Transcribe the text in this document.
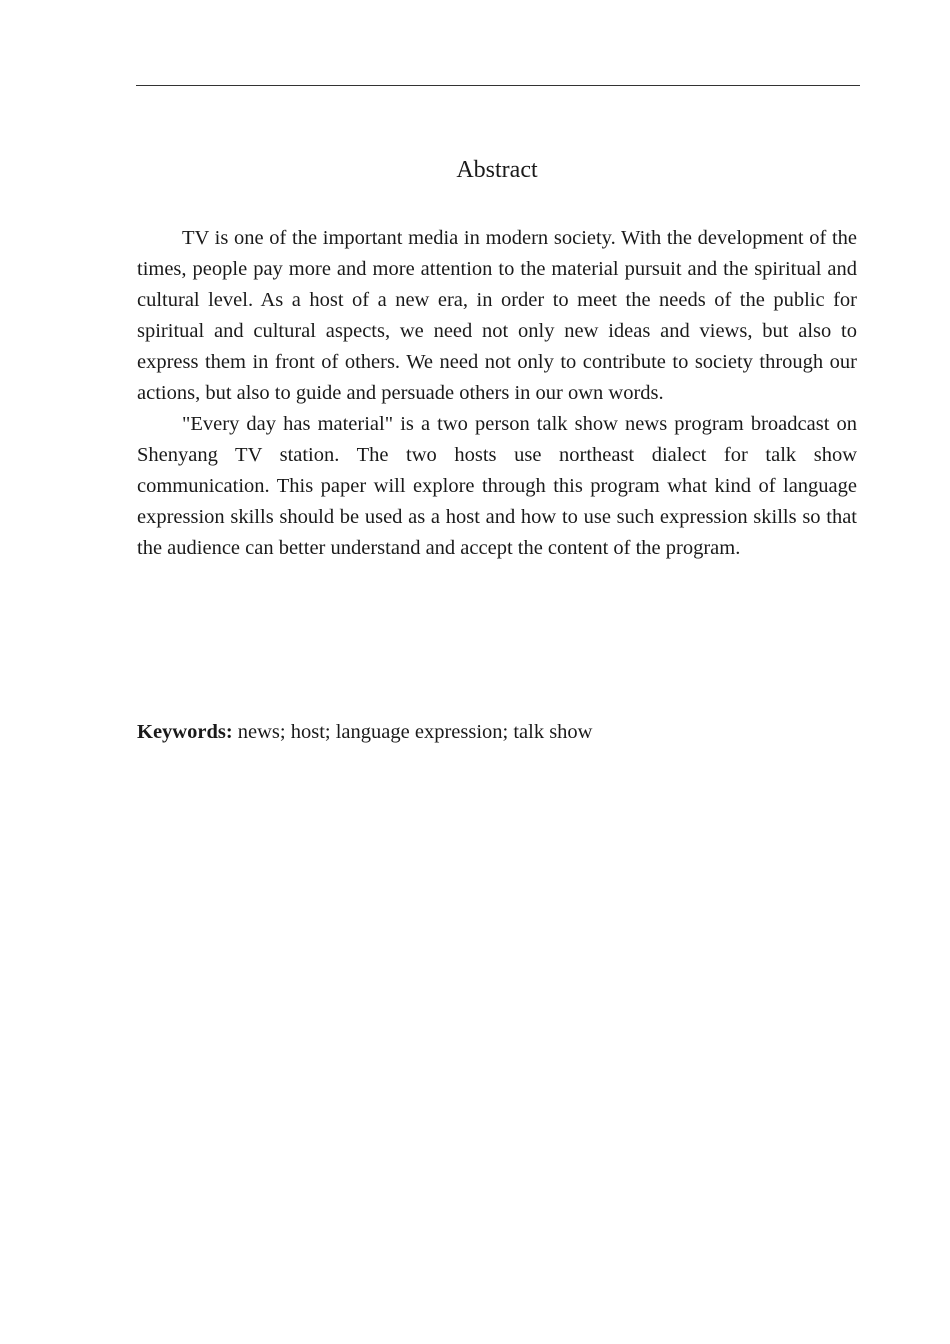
Abstract

TV is one of the important media in modern society. With the development of the times, people pay more and more attention to the material pursuit and the spiritual and cultural level. As a host of a new era, in order to meet the needs of the public for spiritual and cultural aspects, we need not only new ideas and views, but also to express them in front of others. We need not only to contribute to society through our actions, but also to guide and persuade others in our own words.

"Every day has material" is a two person talk show news program broadcast on Shenyang TV station. The two hosts use northeast dialect for talk show communication. This paper will explore through this program what kind of language expression skills should be used as a host and how to use such expression skills so that the audience can better understand and accept the content of the program.

Keywords: news; host; language expression; talk show
